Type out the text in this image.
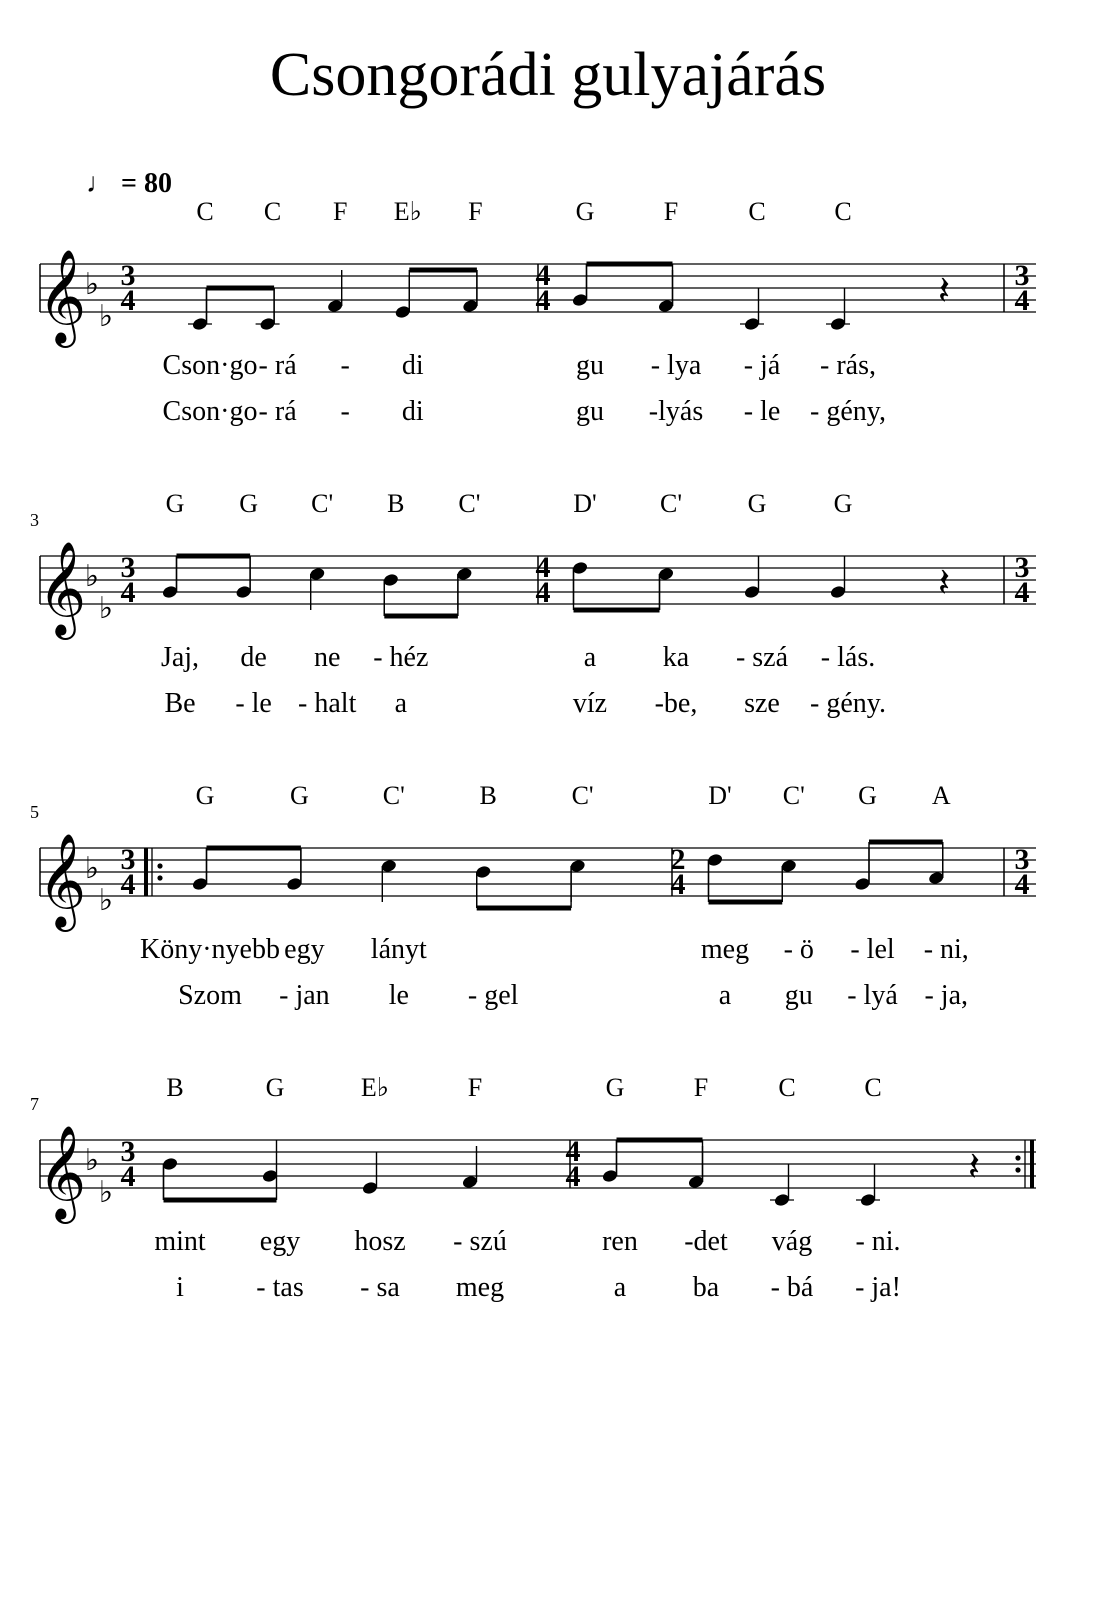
Csongorádi gulyajárás
♩ = 80
𝄞
♭
♭
3
4
C
Cson·go
Cson·go
C
- rá
- rá
F
-
-
E♭
di
di
F
4
4
G
gu
gu
F
- lya
-lyás
C
- já
- le
C
- rás,
- gény,
𝄽 3
4
3
𝄞
♭
♭
3
4
G
Jaj,
Be
G
de
- le
C'
ne
- halt
B
- héz
a
C'
4
4
D'
a
víz
C'
ka
-be,
G
- szá
sze
G
- lás.
- gény.
𝄽 3
4
5
𝄞
♭
♭
3
4
G
Köny·nyebb
Szom
G
egy
- jan
C'
lányt
le
B
- gel
C'
2
4
D'
meg
a
C'
- ö
gu
G
- lel
- lyá
A
- ni,
- ja,
3
4
7
𝄞
♭
♭
3
4
B
mint
i
G
egy
- tas
E♭
hosz
- sa
F
- szú
meg
4
4
G
ren
a
F
-det
ba
C
vág
- bá
C
- ni.
- ja!
𝄽
